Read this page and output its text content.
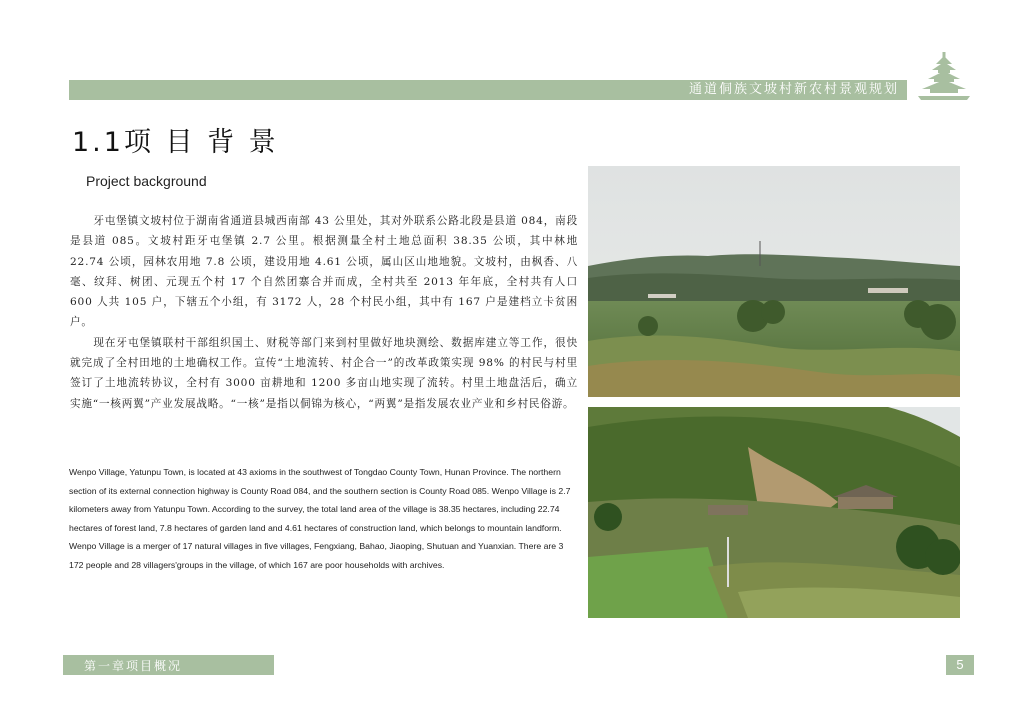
通道侗族文坡村新农村景观规划
1.1项 目 背 景
Project background

牙屯堡镇文坡村位于湖南省通道县城西南部 43 公里处，其对外联系公路北段是县道 084，南段是县道 085。文坡村距牙屯堡镇 2.7 公里。根据测量全村土地总面积 38.35 公顷，其中林地 22.74 公顷，园林农用地 7.8 公顷，建设用地 4.61 公顷，属山区山地地貌。文坡村，由枫香、八毫、纹拜、树团、元现五个村 17 个自然团寨合并而成，全村共至 2013 年年底，全村共有人口 600 人共 105 户，下辖五个小组，有 3172 人，28 个村民小组，其中有 167 户是建档立卡贫困户。

现在牙屯堡镇联村干部组织国土、财税等部门来到村里做好地块测绘、数据库建立等工作，很快就完成了全村田地的土地确权工作。宣传“土地流转、村企合一”的改革政策实现 98% 的村民与村里签订了土地流转协议，全村有 3000 亩耕地和 1200 多亩山地实现了流转。村里土地盘活后，确立实施“一核两翼”产业发展战略。“一核”是指以侗锦为核心，“两翼”是指发展农业产业和乡村民俗游。

Wenpo Village, Yatunpu Town, is located at 43 axioms in the southwest of Tongdao County Town, Hunan Province. The northern section of its external connection highway is County Road 084, and the southern section is County Road 085. Wenpo Village is 2.7 kilometers away from Yatunpu Town. According to the survey, the total land area of the village is 38.35 hectares, including 22.74 hectares of forest land, 7.8 hectares of garden land and 4.61 hectares of construction land, which belongs to mountain landform. Wenpo Village is a merger of 17 natural villages in five villages, Fengxiang, Bahao, Jiaoping, Shutuan and Yuanxian. There are 3 172 people and 28 villagers'groups in the village, of which 167 are poor households with archives.
第一章项目概况	5
